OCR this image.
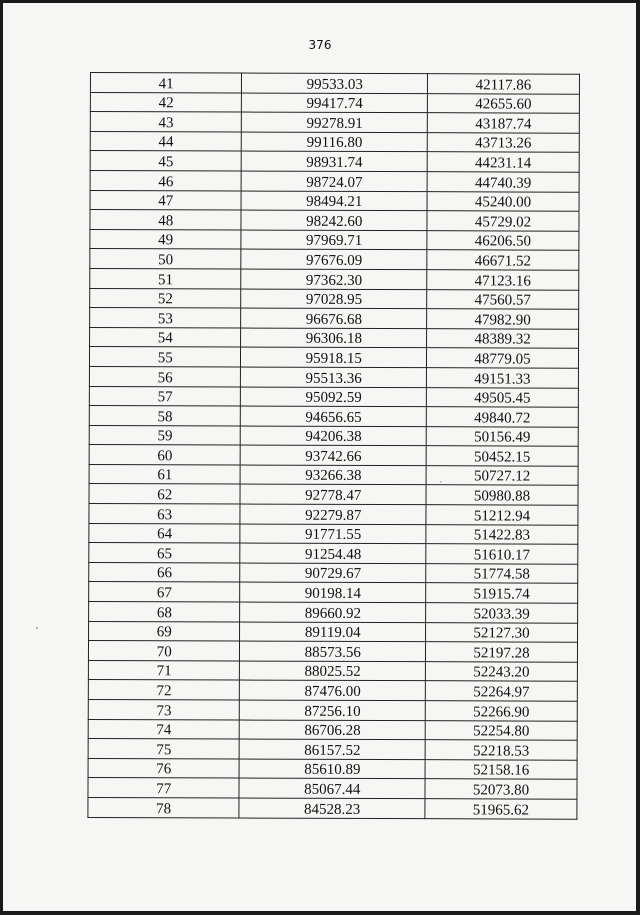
376
41	99533.03	42117.86
42	99417.74	42655.60
43	99278.91	43187.74
44	99116.80	43713.26
45	98931.74	44231.14
46	98724.07	44740.39
47	98494.21	45240.00
48	98242.60	45729.02
49	97969.71	46206.50
50	97676.09	46671.52
51	97362.30	47123.16
52	97028.95	47560.57
53	96676.68	47982.90
54	96306.18	48389.32
55	95918.15	48779.05
56	95513.36	49151.33
57	95092.59	49505.45
58	94656.65	49840.72
59	94206.38	50156.49
60	93742.66	50452.15
61	93266.38	50727.12
62	92778.47	50980.88
63	92279.87	51212.94
64	91771.55	51422.83
65	91254.48	51610.17
66	90729.67	51774.58
67	90198.14	51915.74
68	89660.92	52033.39
69	89119.04	52127.30
70	88573.56	52197.28
71	88025.52	52243.20
72	87476.00	52264.97
73	87256.10	52266.90
74	86706.28	52254.80
75	86157.52	52218.53
76	85610.89	52158.16
77	85067.44	52073.80
78	84528.23	51965.62
